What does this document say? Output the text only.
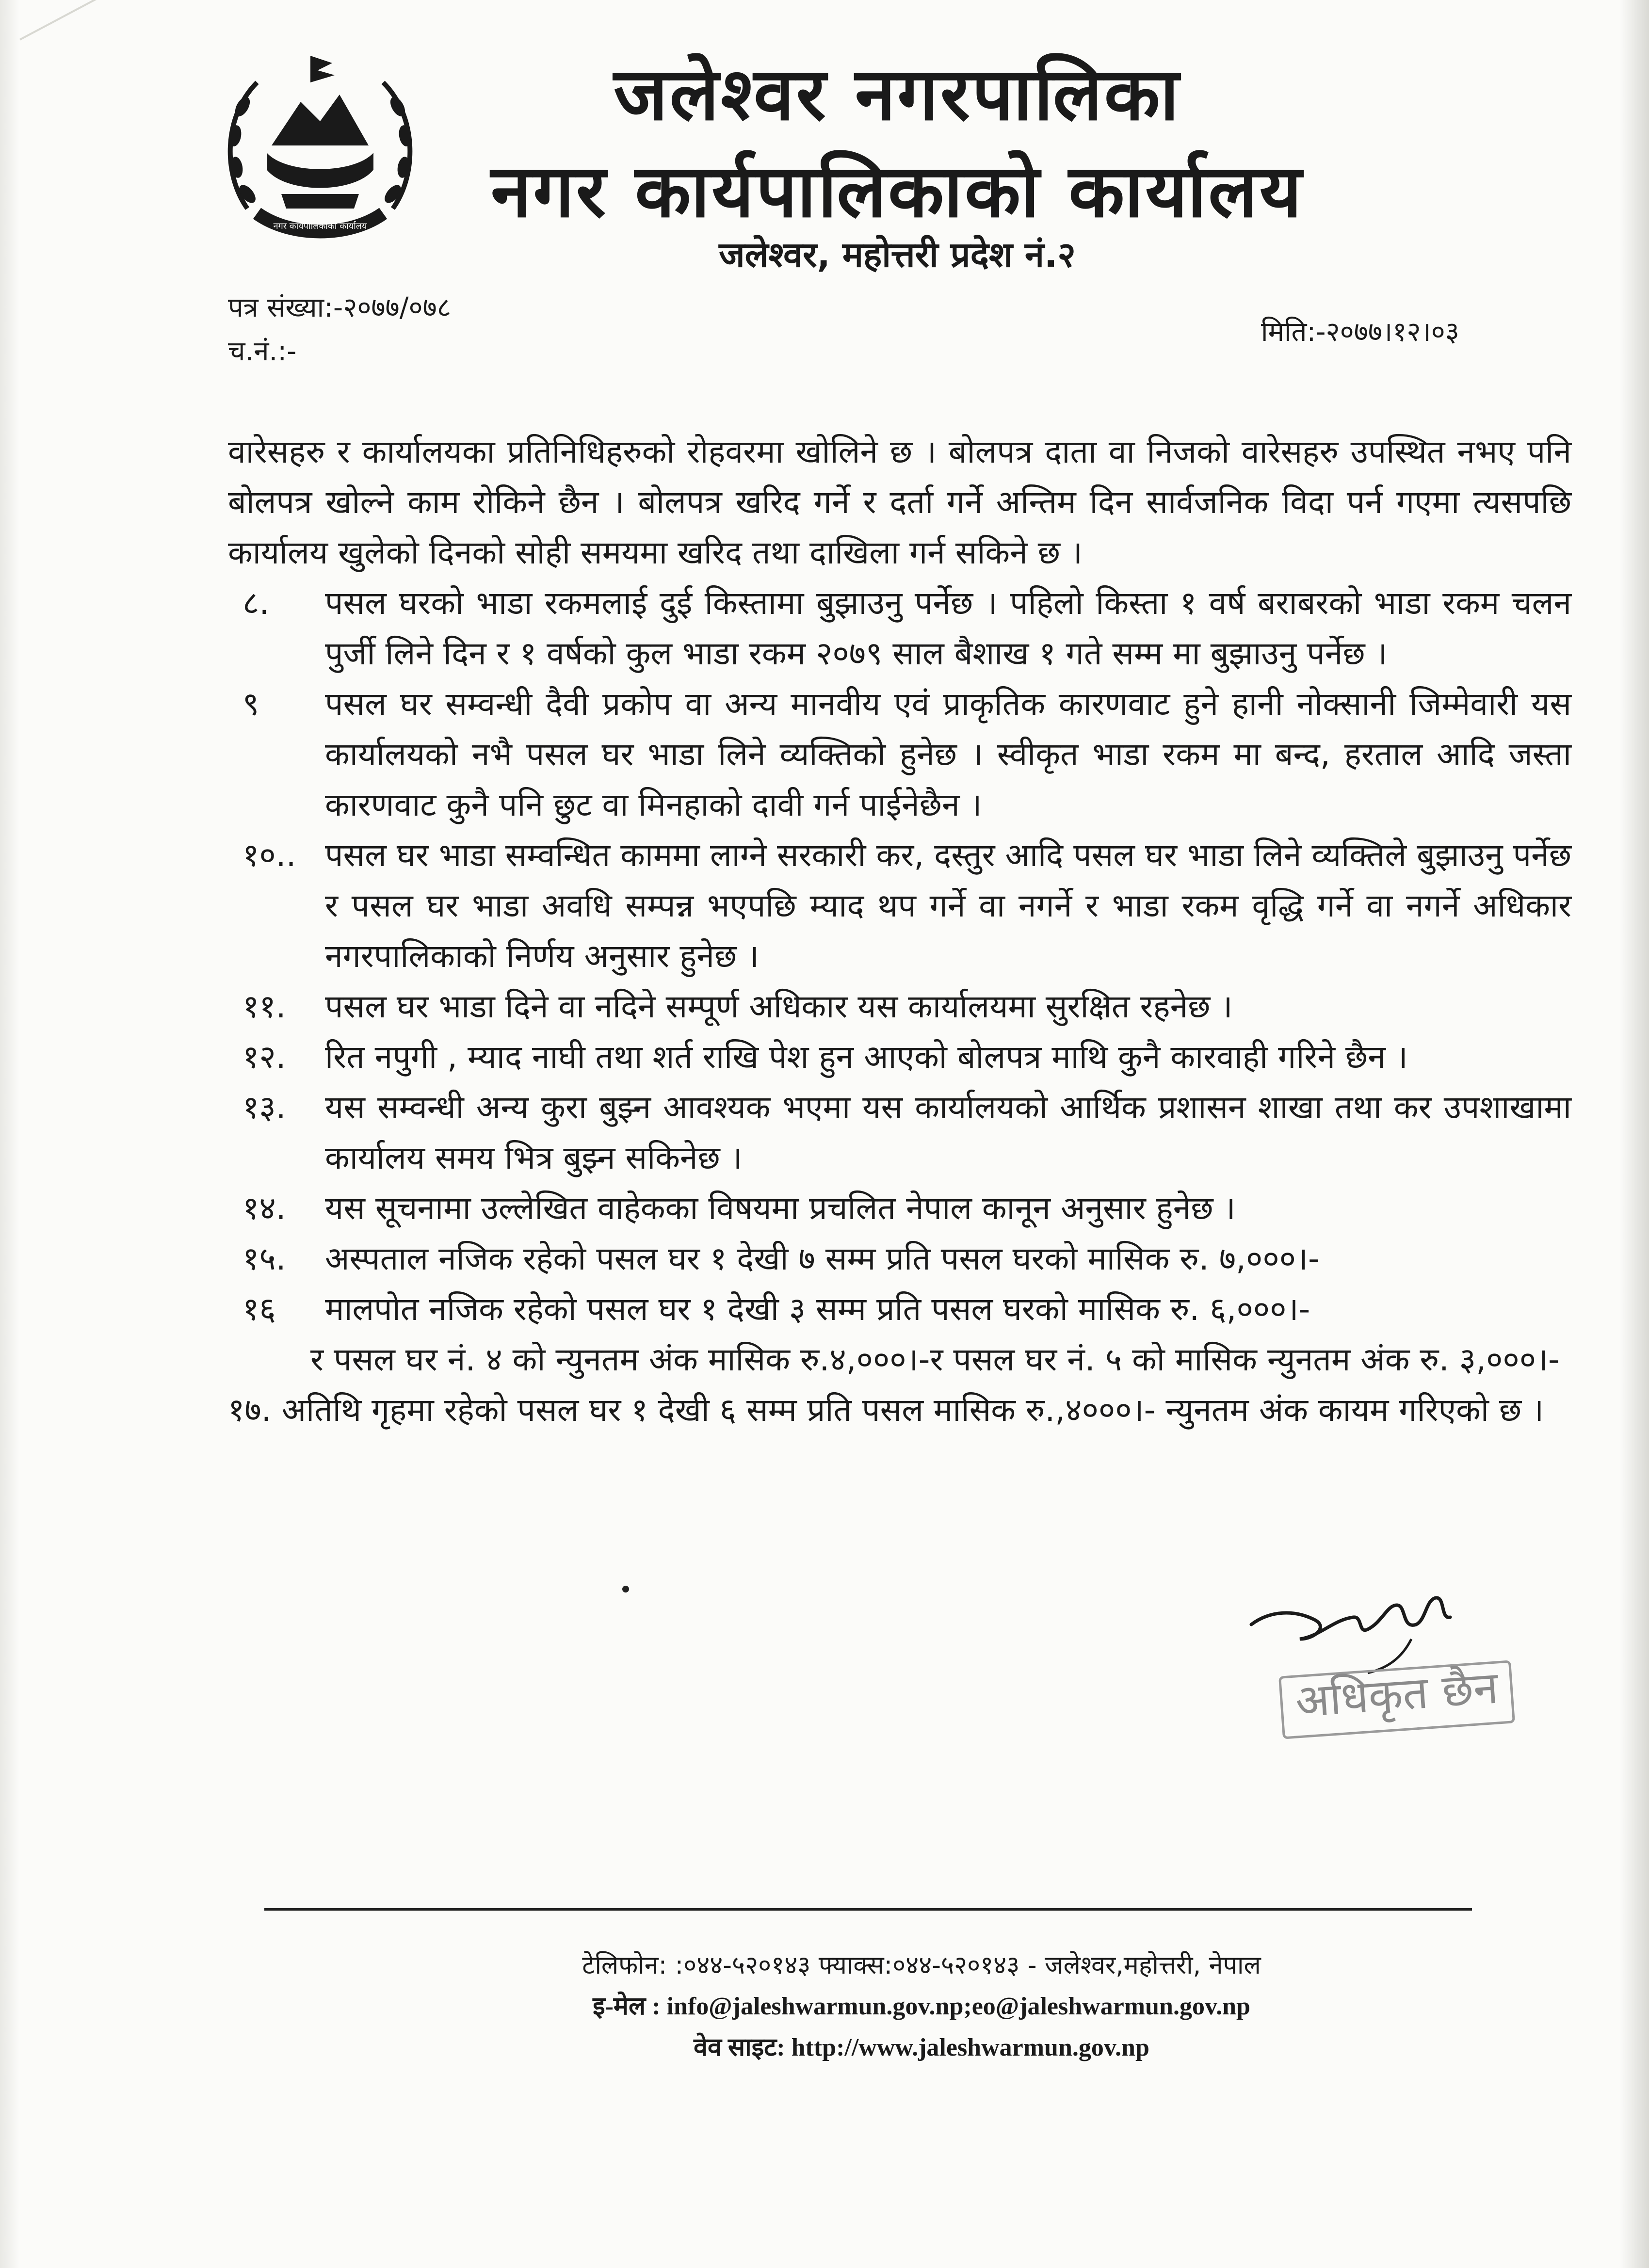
नगर कार्यपालिकाको कार्यालय
जलेश्वर नगरपालिका
नगर कार्यपालिकाको कार्यालय
जलेश्वर, महोत्तरी प्रदेश नं.२
पत्र संख्या:-२०७७/०७८
च.नं.:-
मिति:-२०७७।१२।०३

वारेसहरु र कार्यालयका प्रतिनिधिहरुको रोहवरमा खोलिने छ । बोलपत्र दाता वा निजको वारेसहरु उपस्थित नभए पनि बोलपत्र खोल्ने काम रोकिने छैन । बोलपत्र खरिद गर्ने र दर्ता गर्ने अन्तिम दिन सार्वजनिक विदा पर्न गएमा त्यसपछि कार्यालय खुलेको दिनको सोही समयमा खरिद तथा दाखिला गर्न सकिने छ ।

८.	पसल घरको भाडा रकमलाई दुई किस्तामा बुझाउनु पर्नेछ । पहिलो किस्ता १ वर्ष बराबरको भाडा रकम चलन पुर्जी लिने दिन र १ वर्षको कुल भाडा रकम २०७९ साल बैशाख १ गते सम्म मा बुझाउनु पर्नेछ ।
९	पसल घर सम्वन्धी दैवी प्रकोप वा अन्य मानवीय एवं प्राकृतिक कारणवाट हुने हानी नोक्सानी जिम्मेवारी यस कार्यालयको नभै पसल घर भाडा लिने व्यक्तिको हुनेछ । स्वीकृत भाडा रकम मा बन्द, हरताल आदि जस्ता कारणवाट कुनै पनि छुट वा मिनहाको दावी गर्न पाईनेछैन ।
१०.. पसल घर भाडा सम्वन्धित काममा लाग्ने सरकारी कर, दस्तुर आदि पसल घर भाडा लिने व्यक्तिले बुझाउनु पर्नेछ र पसल घर भाडा अवधि सम्पन्न भएपछि म्याद थप गर्ने वा नगर्ने र भाडा रकम वृद्धि गर्ने वा नगर्ने अधिकार नगरपालिकाको निर्णय अनुसार हुनेछ ।
११.	पसल घर भाडा दिने वा नदिने सम्पूर्ण अधिकार यस कार्यालयमा सुरक्षित रहनेछ ।
१२.	रित नपुगी , म्याद नाघी तथा शर्त राखि पेश हुन आएको बोलपत्र माथि कुनै कारवाही गरिने छैन ।
१३.	यस सम्वन्धी अन्य कुरा बुझ्न आवश्यक भएमा यस कार्यालयको आर्थिक प्रशासन शाखा तथा कर उपशाखामा कार्यालय समय भित्र बुझ्न सकिनेछ ।
१४.	यस सूचनामा उल्लेखित वाहेकका विषयमा प्रचलित नेपाल कानून अनुसार हुनेछ ।
१५.	अस्पताल नजिक रहेको पसल घर १ देखी ७ सम्म प्रति पसल घरको मासिक रु. ७,०००।-
१६	मालपोत नजिक रहेको पसल घर १ देखी ३ सम्म प्रति पसल घरको मासिक रु. ६,०००।-

र पसल घर नं. ४ को न्युनतम अंक मासिक रु.४,०००।-र पसल घर नं. ५ को मासिक न्युनतम अंक रु. ३,०००।-

१७. अतिथि गृहमा रहेको पसल घर १ देखी ६ सम्म प्रति पसल मासिक रु.,४०००।- न्युनतम अंक कायम गरिएको छ ।

अधिकृत छैन
टेलिफोन: :०४४-५२०१४३ फ्याक्स:०४४-५२०१४३ - जलेश्वर,महोत्तरी, नेपाल
इ-मेल : info@jaleshwarmun.gov.np;eo@jaleshwarmun.gov.np
वेव साइट: http://www.jaleshwarmun.gov.np
